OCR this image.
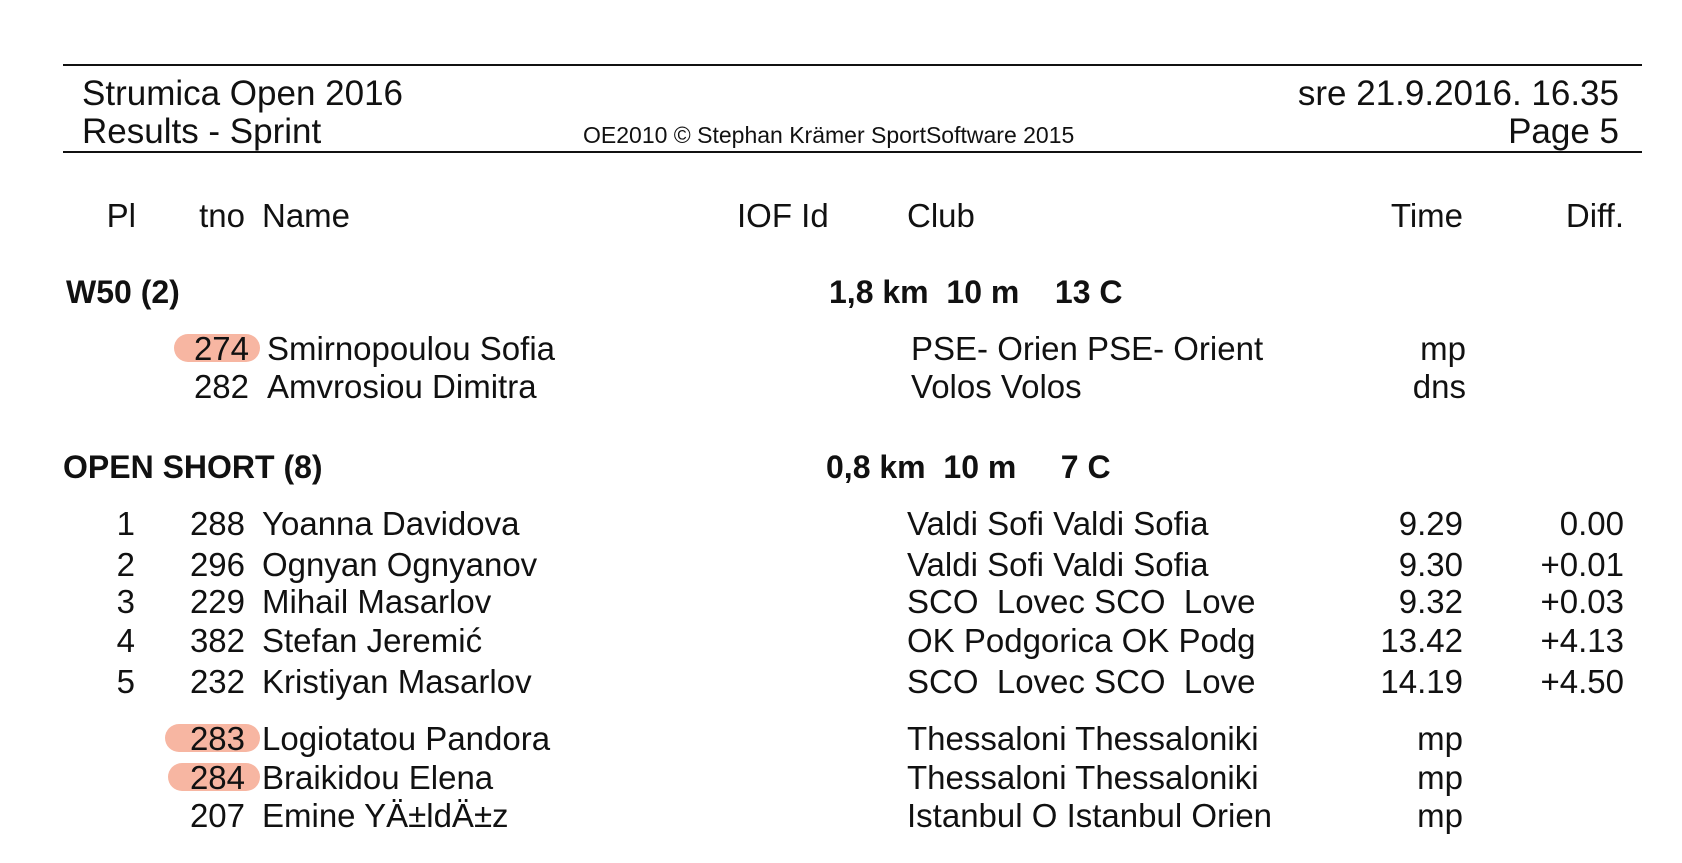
Strumica Open 2016
Results - Sprint	OE2010 © Stephan Krämer SportSoftware 2015
sre 21.9.2016. 16.35
Page 5
Pl tno Name	IOF Id Club	Time	Diff.
W50 (2)	1,8 km  10 m    13 C
274 Smirnopoulou Sofia	PSE- Orien PSE- Orient	mp
282 Amvrosiou Dimitra	Volos Volos	dns
OPEN SHORT (8)	0,8 km  10 m     7 C
1 288 Yoanna Davidova	Valdi Sofi Valdi Sofia	9.29	0.00
2 296 Ognyan Ognyanov	Valdi Sofi Valdi Sofia	9.30 +0.01
3 229 Mihail Masarlov	SCO  Lovec SCO  Love	9.32 +0.03
4 382 Stefan Jeremić	OK Podgorica OK Podg	13.42 +4.13
5 232 Kristiyan Masarlov	SCO  Lovec SCO  Love	14.19 +4.50
283 Logiotatou Pandora	Thessaloni Thessaloniki	mp
284 Braikidou Elena	Thessaloni Thessaloniki	mp
207 Emine YÄ±ldÄ±z	Istanbul O Istanbul Orien	mp
